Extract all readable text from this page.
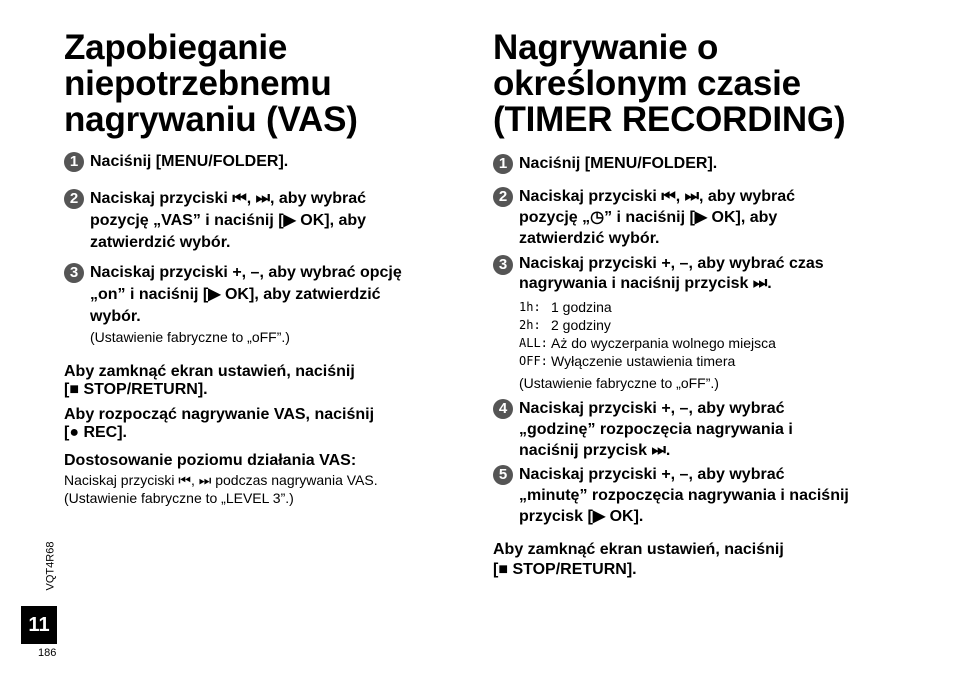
Zapobieganie
niepotrzebnemu
nagrywaniu (VAS)
1 Naciśnij [MENU/FOLDER].
2 Naciskaj przyciski ⏮, ⏭, aby wybrać
pozycję „VAS” i naciśnij [▶ OK], aby
zatwierdzić wybór.
3 Naciskaj przyciski +, –, aby wybrać opcję
„on” i naciśnij [▶ OK], aby zatwierdzić
wybór.
(Ustawienie fabryczne to „oFF”.)
Aby zamknąć ekran ustawień, naciśnij
[■ STOP/RETURN].
Aby rozpocząć nagrywanie VAS, naciśnij
[● REC].
Dostosowanie poziomu działania VAS:
Naciskaj przyciski ⏮, ⏭ podczas nagrywania VAS.
(Ustawienie fabryczne to „LEVEL 3”.)
Nagrywanie o
określonym czasie
(TIMER RECORDING)
1 Naciśnij [MENU/FOLDER].
2 Naciskaj przyciski ⏮, ⏭, aby wybrać
pozycję „◷” i naciśnij [▶ OK], aby
zatwierdzić wybór.
3 Naciskaj przyciski +, –, aby wybrać czas
nagrywania i naciśnij przycisk ⏭.
1h: 1 godzina
2h: 2 godziny
ALL: Aż do wyczerpania wolnego miejsca
OFF: Wyłączenie ustawienia timera
(Ustawienie fabryczne to „oFF”.)
4 Naciskaj przyciski +, –, aby wybrać
„godzinę” rozpoczęcia nagrywania i
naciśnij przycisk ⏭.
5 Naciskaj przyciski +, –, aby wybrać
„minutę” rozpoczęcia nagrywania i naciśnij
przycisk [▶ OK].
Aby zamknąć ekran ustawień, naciśnij
[■ STOP/RETURN].
VQT4R68
11
186
